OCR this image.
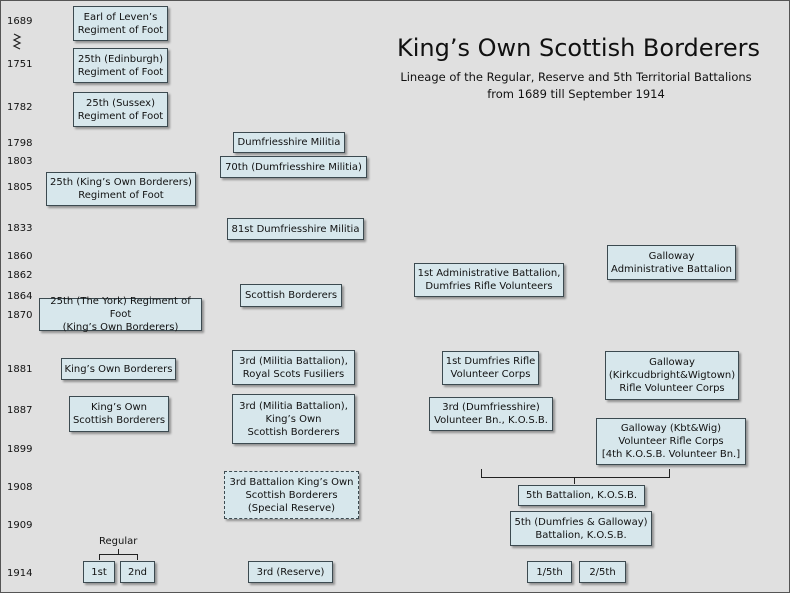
King’s Own Scottish Borderers
Lineage of the Regular, Reserve and 5th Territorial Battalions
from 1689 till September 1914
1689
1751
1782
1798
1803
1805
1833
1860
1862
1864
1870
1881
1887
1899
1908
1909
1914
Earl of Leven’s
Regiment of Foot
25th (Edinburgh)
Regiment of Foot
25th (Sussex)
Regiment of Foot
25th (King’s Own Borderers)
Regiment of Foot
25th (The York) Regiment of Foot
(King’s Own Borderers)
King’s Own Borderers
King’s Own
Scottish Borderers
Regular
1st	2nd
Dumfriesshire Militia
70th (Dumfriesshire Militia)
81st Dumfriesshire Militia
Scottish Borderers
3rd (Militia Battalion),
Royal Scots Fusiliers
3rd (Militia Battalion),
King’s Own
Scottish Borderers
3rd Battalion King’s Own
Scottish Borderers
(Special Reserve)
3rd (Reserve)
1st Administrative Battalion,
Dumfries Rifle Volunteers
1st Dumfries Rifle
Volunteer Corps
3rd (Dumfriesshire)
Volunteer Bn., K.O.S.B.
Galloway
Administrative Battalion
Galloway
(Kirkcudbright&Wigtown)
Rifle Volunteer Corps
Galloway (Kbt&Wig)
Volunteer Rifle Corps
[4th K.O.S.B. Volunteer Bn.]
5th Battalion, K.O.S.B.
5th (Dumfries & Galloway)
Battalion, K.O.S.B.
1/5th	2/5th
